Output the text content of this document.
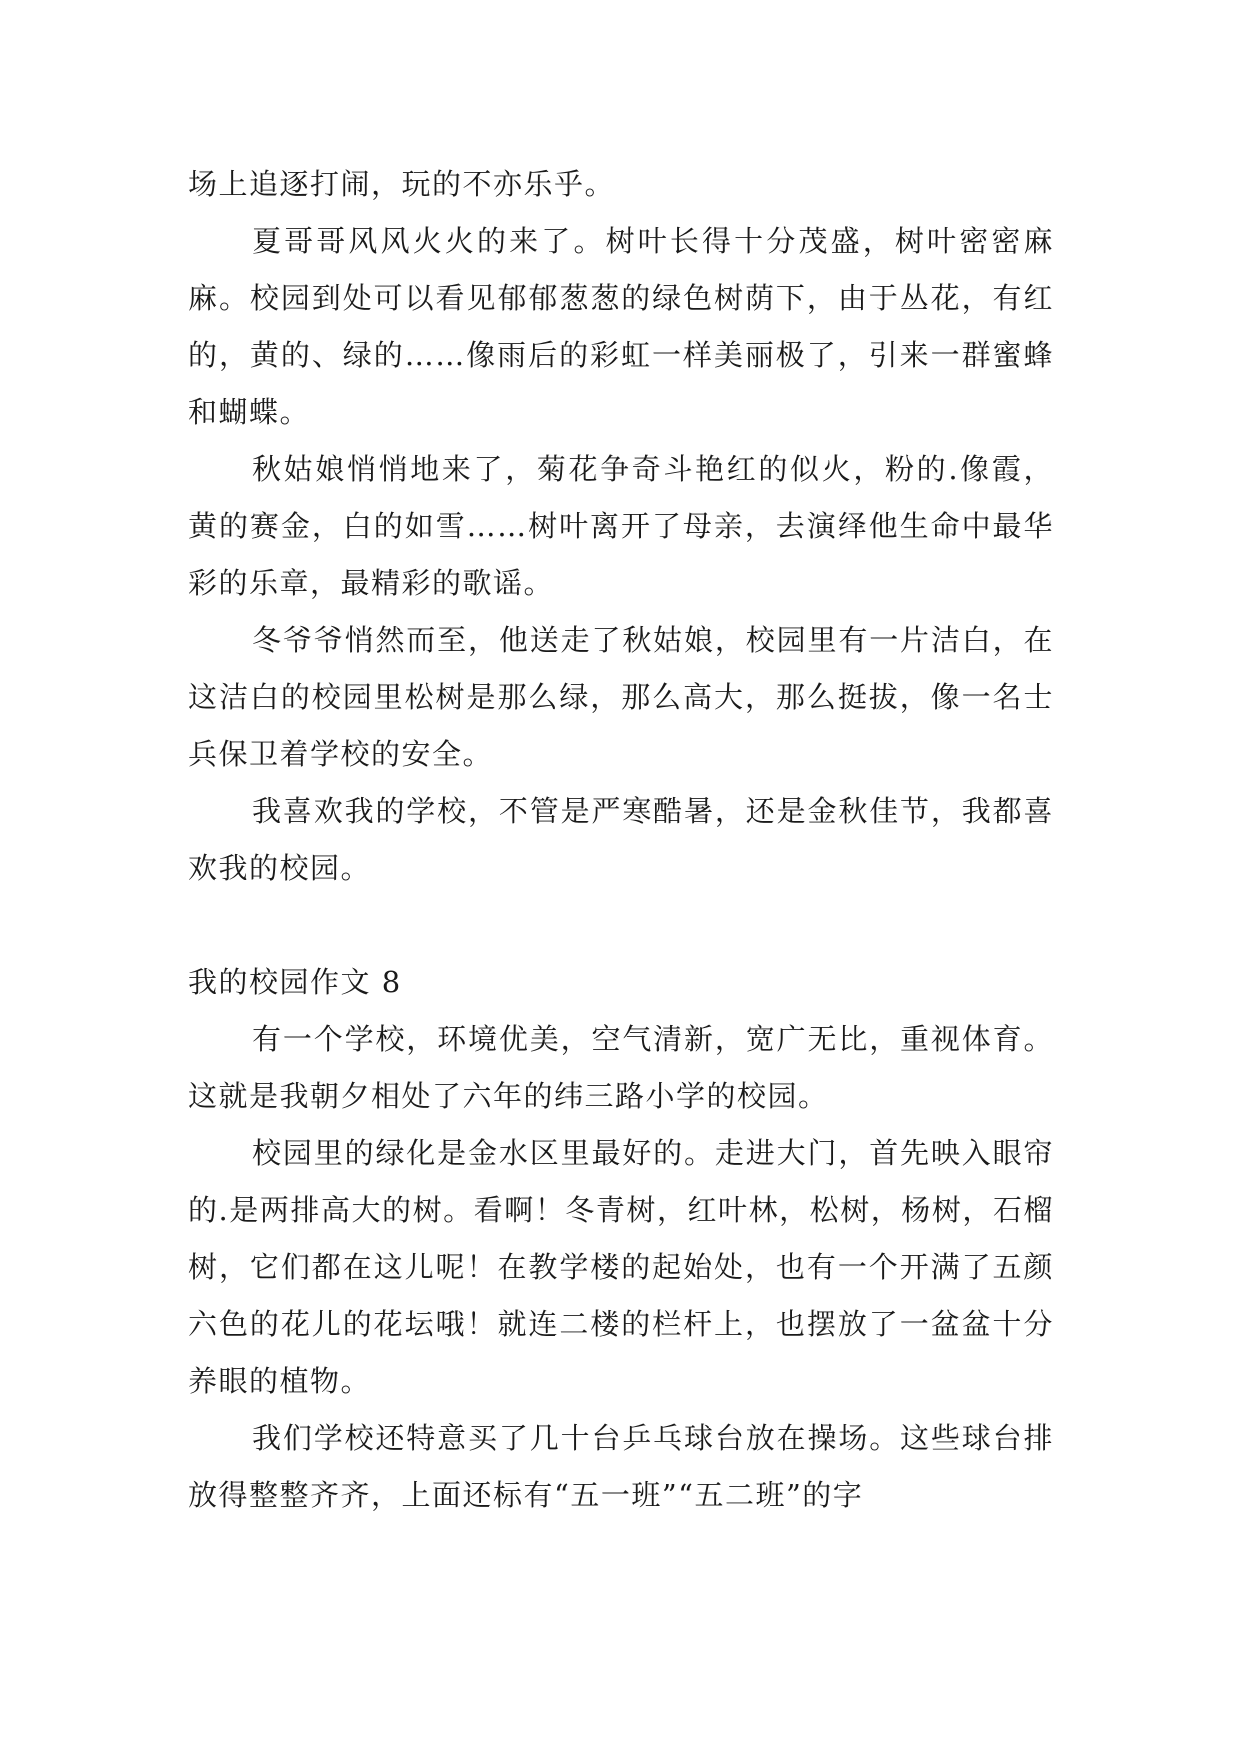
场上追逐打闹，玩的不亦乐乎。

夏哥哥风风火火的来了。树叶长得十分茂盛，树叶密密麻麻。校园到处可以看见郁郁葱葱的绿色树荫下，由于丛花，有红的，黄的、绿的……像雨后的彩虹一样美丽极了，引来一群蜜蜂和蝴蝶。

秋姑娘悄悄地来了，菊花争奇斗艳红的似火，粉的.像霞，黄的赛金，白的如雪……树叶离开了母亲，去演绎他生命中最华彩的乐章，最精彩的歌谣。

冬爷爷悄然而至，他送走了秋姑娘，校园里有一片洁白，在这洁白的校园里松树是那么绿，那么高大，那么挺拔，像一名士兵保卫着学校的安全。

我喜欢我的学校，不管是严寒酷暑，还是金秋佳节，我都喜欢我的校园。

我的校园作文 8

有一个学校，环境优美，空气清新，宽广无比，重视体育。这就是我朝夕相处了六年的纬三路小学的校园。

校园里的绿化是金水区里最好的。走进大门，首先映入眼帘的.是两排高大的树。看啊！冬青树，红叶林，松树，杨树，石榴树，它们都在这儿呢！在教学楼的起始处，也有一个开满了五颜六色的花儿的花坛哦！就连二楼的栏杆上，也摆放了一盆盆十分养眼的植物。

我们学校还特意买了几十台乒乓球台放在操场。这些球台排放得整整齐齐，上面还标有“五一班”“五二班”的字
